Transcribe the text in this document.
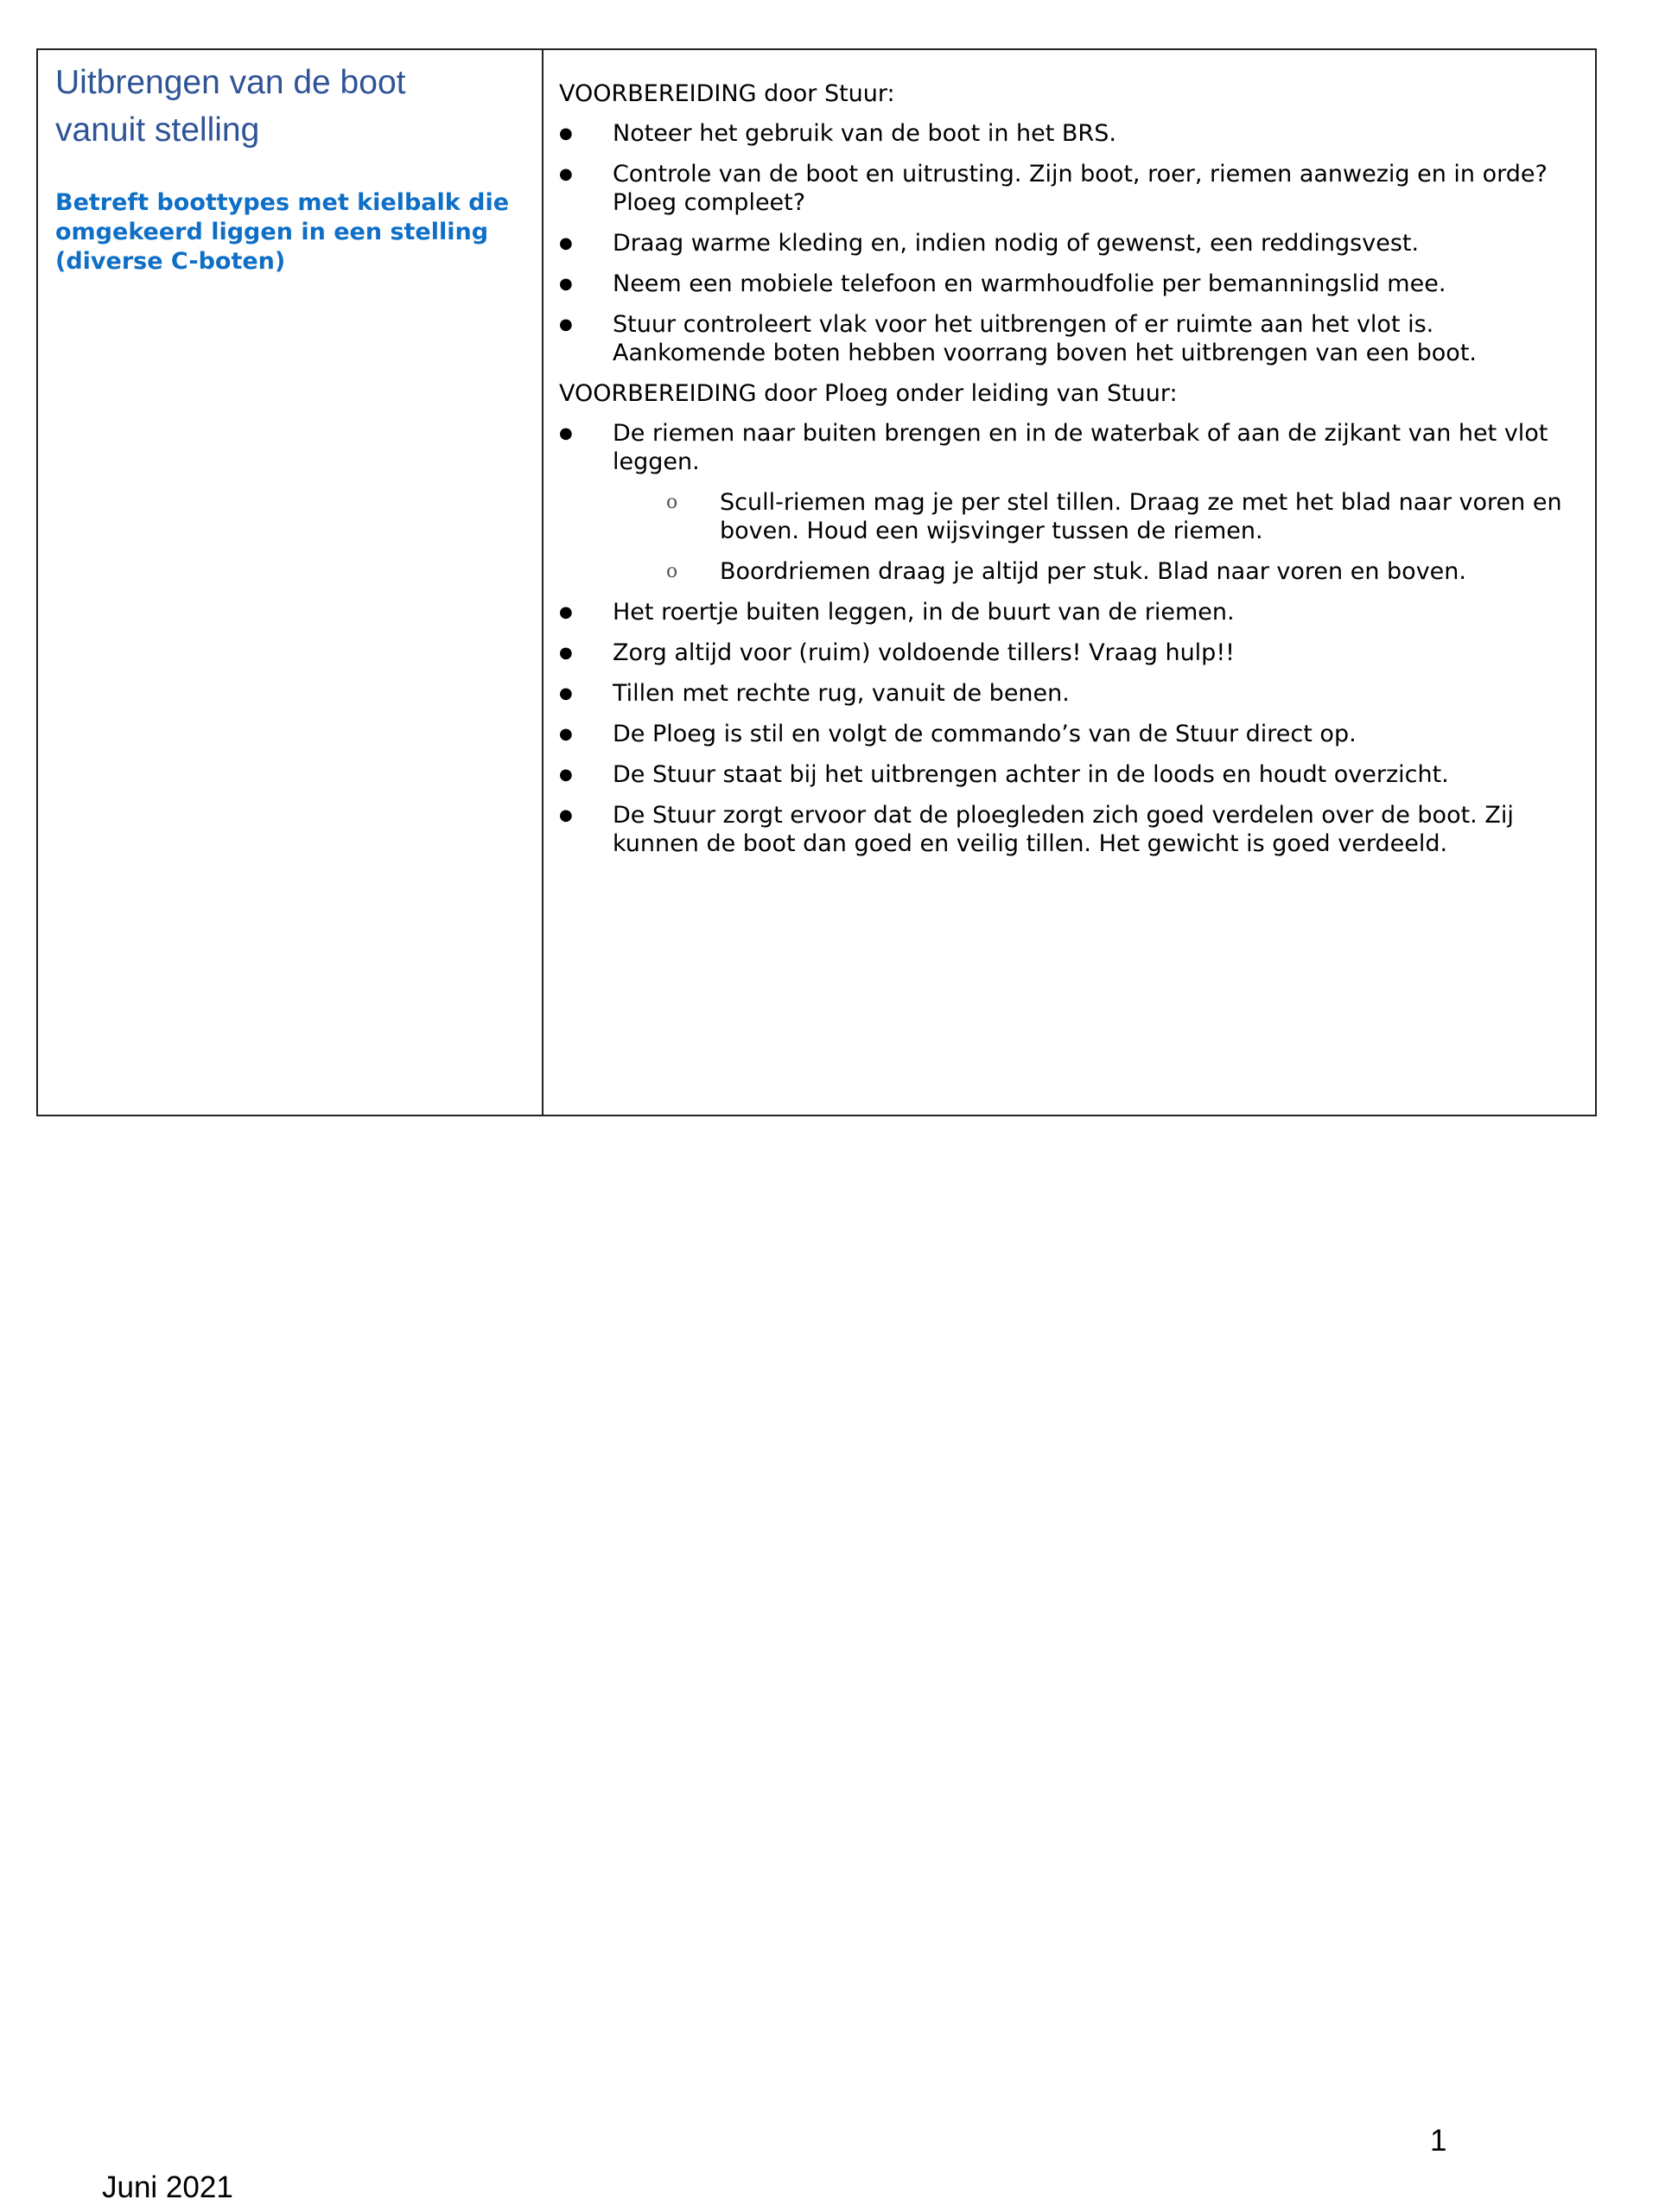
Uitbrengen van de boot
vanuit stelling
Betreft boottypes met kielbalk die omgekeerd liggen in een stelling (diverse C-boten)

VOORBEREIDING door Stuur:

● Noteer het gebruik van de boot in het BRS.
● Controle van de boot en uitrusting. Zijn boot, roer, riemen aanwezig en in orde? Ploeg compleet?
● Draag warme kleding en, indien nodig of gewenst, een reddingsvest.
● Neem een mobiele telefoon en warmhoudfolie per bemanningslid mee.
● Stuur controleert vlak voor het uitbrengen of er ruimte aan het vlot is. Aankomende boten hebben voorrang boven het uitbrengen van een boot.

VOORBEREIDING door Ploeg onder leiding van Stuur:

● De riemen naar buiten brengen en in de waterbak of aan de zijkant van het vlot leggen.
o Scull-riemen mag je per stel tillen. Draag ze met het blad naar voren en boven. Houd een wijsvinger tussen de riemen.
o Boordriemen draag je altijd per stuk. Blad naar voren en boven.
● Het roertje buiten leggen, in de buurt van de riemen.
● Zorg altijd voor (ruim) voldoende tillers! Vraag hulp!!
● Tillen met rechte rug, vanuit de benen.
● De Ploeg is stil en volgt de commando’s van de Stuur direct op.
● De Stuur staat bij het uitbrengen achter in de loods en houdt overzicht.
● De Stuur zorgt ervoor dat de ploegleden zich goed verdelen over de boot. Zij kunnen de boot dan goed en veilig tillen. Het gewicht is goed verdeeld.
1
Juni 2021
